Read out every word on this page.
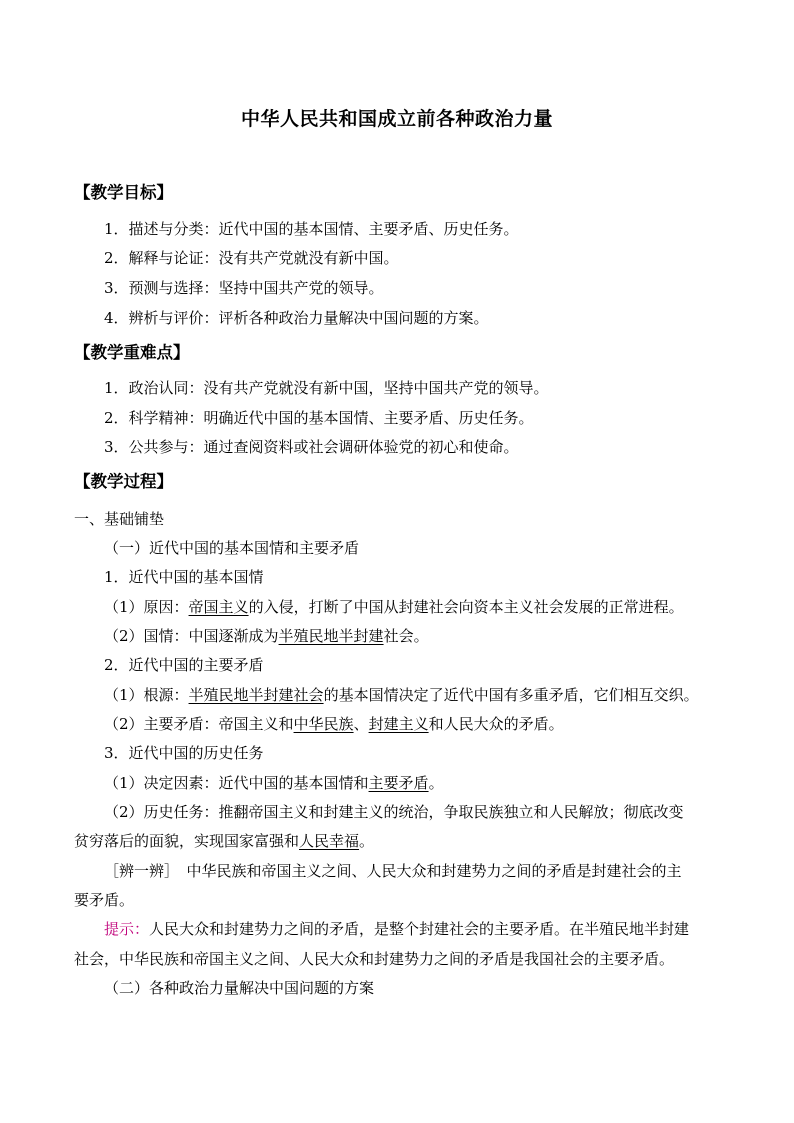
中华人民共和国成立前各种政治力量
【教学目标】
1．描述与分类：近代中国的基本国情、主要矛盾、历史任务。
2．解释与论证：没有共产党就没有新中国。
3．预测与选择：坚持中国共产党的领导。
4．辨析与评价：评析各种政治力量解决中国问题的方案。
【教学重难点】
1．政治认同：没有共产党就没有新中国，坚持中国共产党的领导。
2．科学精神：明确近代中国的基本国情、主要矛盾、历史任务。
3．公共参与：通过查阅资料或社会调研体验党的初心和使命。
【教学过程】
一、基础铺垫
（一）近代中国的基本国情和主要矛盾
1．近代中国的基本国情
（1）原因：帝国主义的入侵，打断了中国从封建社会向资本主义社会发展的正常进程。
（2）国情：中国逐渐成为半殖民地半封建社会。
2．近代中国的主要矛盾
（1）根源：半殖民地半封建社会的基本国情决定了近代中国有多重矛盾，它们相互交织。
（2）主要矛盾：帝国主义和中华民族、封建主义和人民大众的矛盾。
3．近代中国的历史任务
（1）决定因素：近代中国的基本国情和主要矛盾。
（2）历史任务：推翻帝国主义和封建主义的统治，争取民族独立和人民解放；彻底改变
贫穷落后的面貌，实现国家富强和人民幸福。
［辨一辨］　中华民族和帝国主义之间、人民大众和封建势力之间的矛盾是封建社会的主
要矛盾。
提示：人民大众和封建势力之间的矛盾，是整个封建社会的主要矛盾。在半殖民地半封建
社会，中华民族和帝国主义之间、人民大众和封建势力之间的矛盾是我国社会的主要矛盾。
（二）各种政治力量解决中国问题的方案
